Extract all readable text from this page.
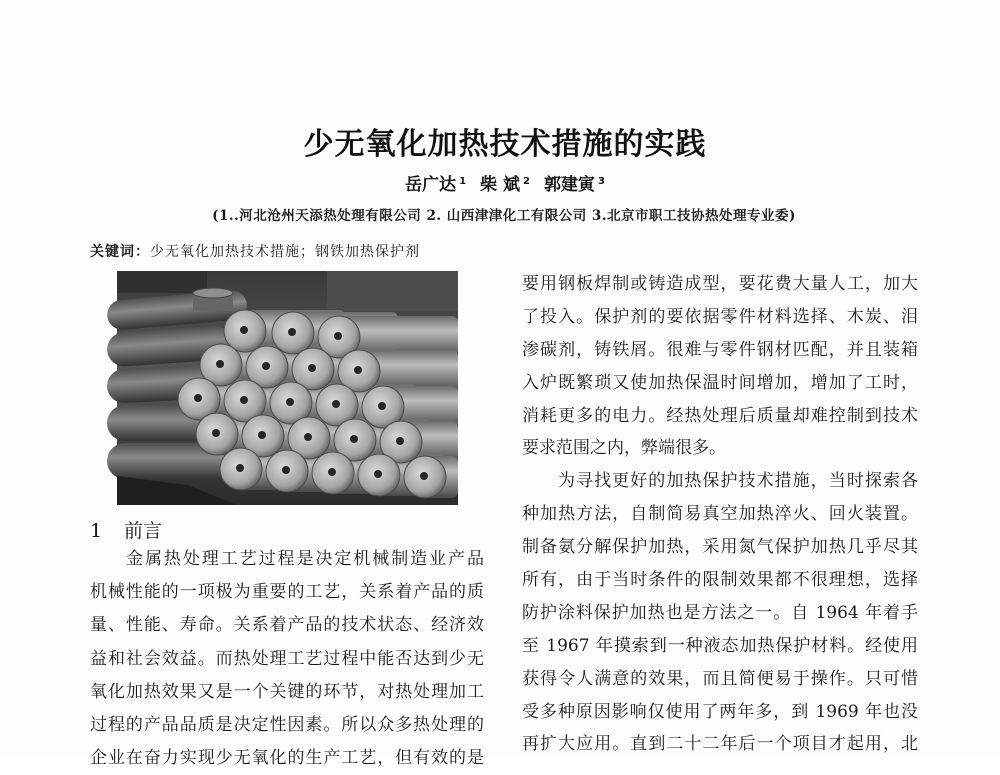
少无氧化加热技术措施的实践
岳广达 $^1$ 柴 斌 $^2$ 郭建寅 $^3$
(1..河北沧州天添热处理有限公司 2. 山西津津化工有限公司 3.北京市职工技协热处理专业委)
关键词：少无氧化加热技术措施；钢铁加热保护剂
1 前言
金属热处理工艺过程是决定机械制造业产品
机械性能的一项极为重要的工艺，关系着产品的质
量、性能、寿命。关系着产品的技术状态、经济效
益和社会效益。而热处理工艺过程中能否达到少无
氧化加热效果又是一个关键的环节，对热处理加工
过程的产品品质是决定性因素。所以众多热处理的
企业在奋力实现少无氧化的生产工艺，但有效的是
要用钢板焊制或铸造成型，要花费大量人工，加大
了投入。保护剂的要依据零件材料选择、木炭、泪
渗碳剂，铸铁屑。很难与零件钢材匹配，并且装箱
入炉既繁琐又使加热保温时间增加，增加了工时，
消耗更多的电力。经热处理后质量却难控制到技术
要求范围之内，弊端很多。
为寻找更好的加热保护技术措施，当时探索各
种加热方法，自制简易真空加热淬火、回火装置。
制备氨分解保护加热，采用氮气保护加热几乎尽其
所有，由于当时条件的限制效果都不很理想，选择
防护涂料保护加热也是方法之一。自 1964 年着手
至 1967 年摸索到一种液态加热保护材料。经使用
获得令人满意的效果，而且简便易于操作。只可惜
受多种原因影响仅使用了两年多，到 1969 年也没
再扩大应用。直到二十二年后一个项目才起用，北
